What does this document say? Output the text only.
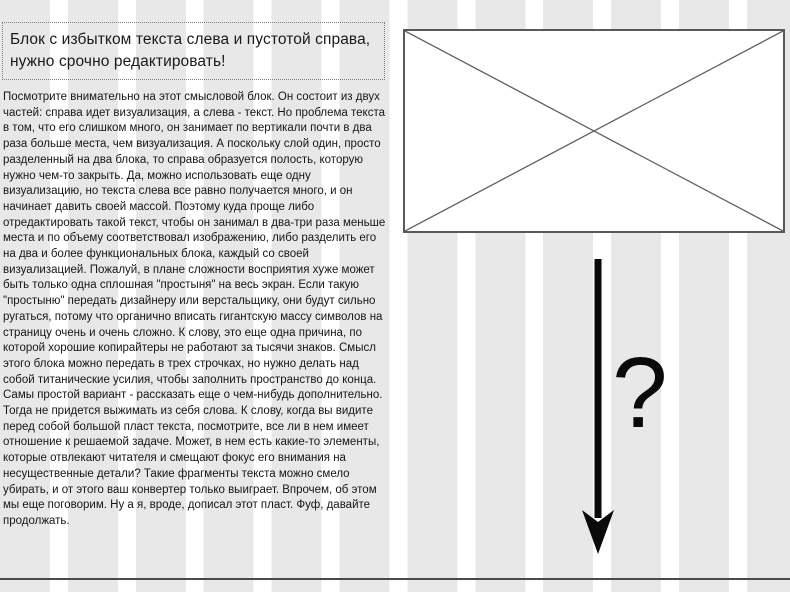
Блок с избытком текста слева и пустотой справа, нужно срочно редактировать!
Посмотрите внимательно на этот смысловой блок. Он состоит из двух частей: справа идет визуализация, а слева - текст. Но проблема текста в том, что его слишком много, он занимает по вертикали почти в два раза больше места, чем визуализация. А поскольку слой один, просто разделенный на два блока, то справа образуется полость, которую нужно чем-то закрыть. Да, можно использовать еще одну визуализацию, но текста слева все равно получается много, и он начинает давить своей массой. Поэтому куда проще либо отредактировать такой текст, чтобы он занимал в два-три раза меньше места и по объему соответствовал изображению, либо разделить его на два и более функциональных блока, каждый со своей визуализацией. Пожалуй, в плане сложности восприятия хуже может быть только одна сплошная "простыня" на весь экран. Если такую "простыню" передать дизайнеру или верстальщику, они будут сильно ругаться, потому что органично вписать гигантскую массу символов на страницу очень и очень сложно. К слову, это еще одна причина, по которой хорошие копирайтеры не работают за тысячи знаков. Смысл этого блока можно передать в трех строчках, но нужно делать над собой титанические усилия, чтобы заполнить пространство до конца. Самы простой вариант - рассказать еще о чем-нибудь дополнительно. Тогда не придется выжимать из себя слова. К слову, когда вы видите перед собой большой пласт текста, посмотрите, все ли в нем имеет отношение к решаемой задаче. Может, в нем есть какие-то элементы, которые отвлекают читателя и смещают фокус его внимания на несущественные детали? Такие фрагменты текста можно смело убирать, и от этого ваш конвертер только выиграет. Впрочем, об этом мы еще поговорим. Ну а я, вроде, дописал этот пласт. Фуф, давайте продолжать.
?
